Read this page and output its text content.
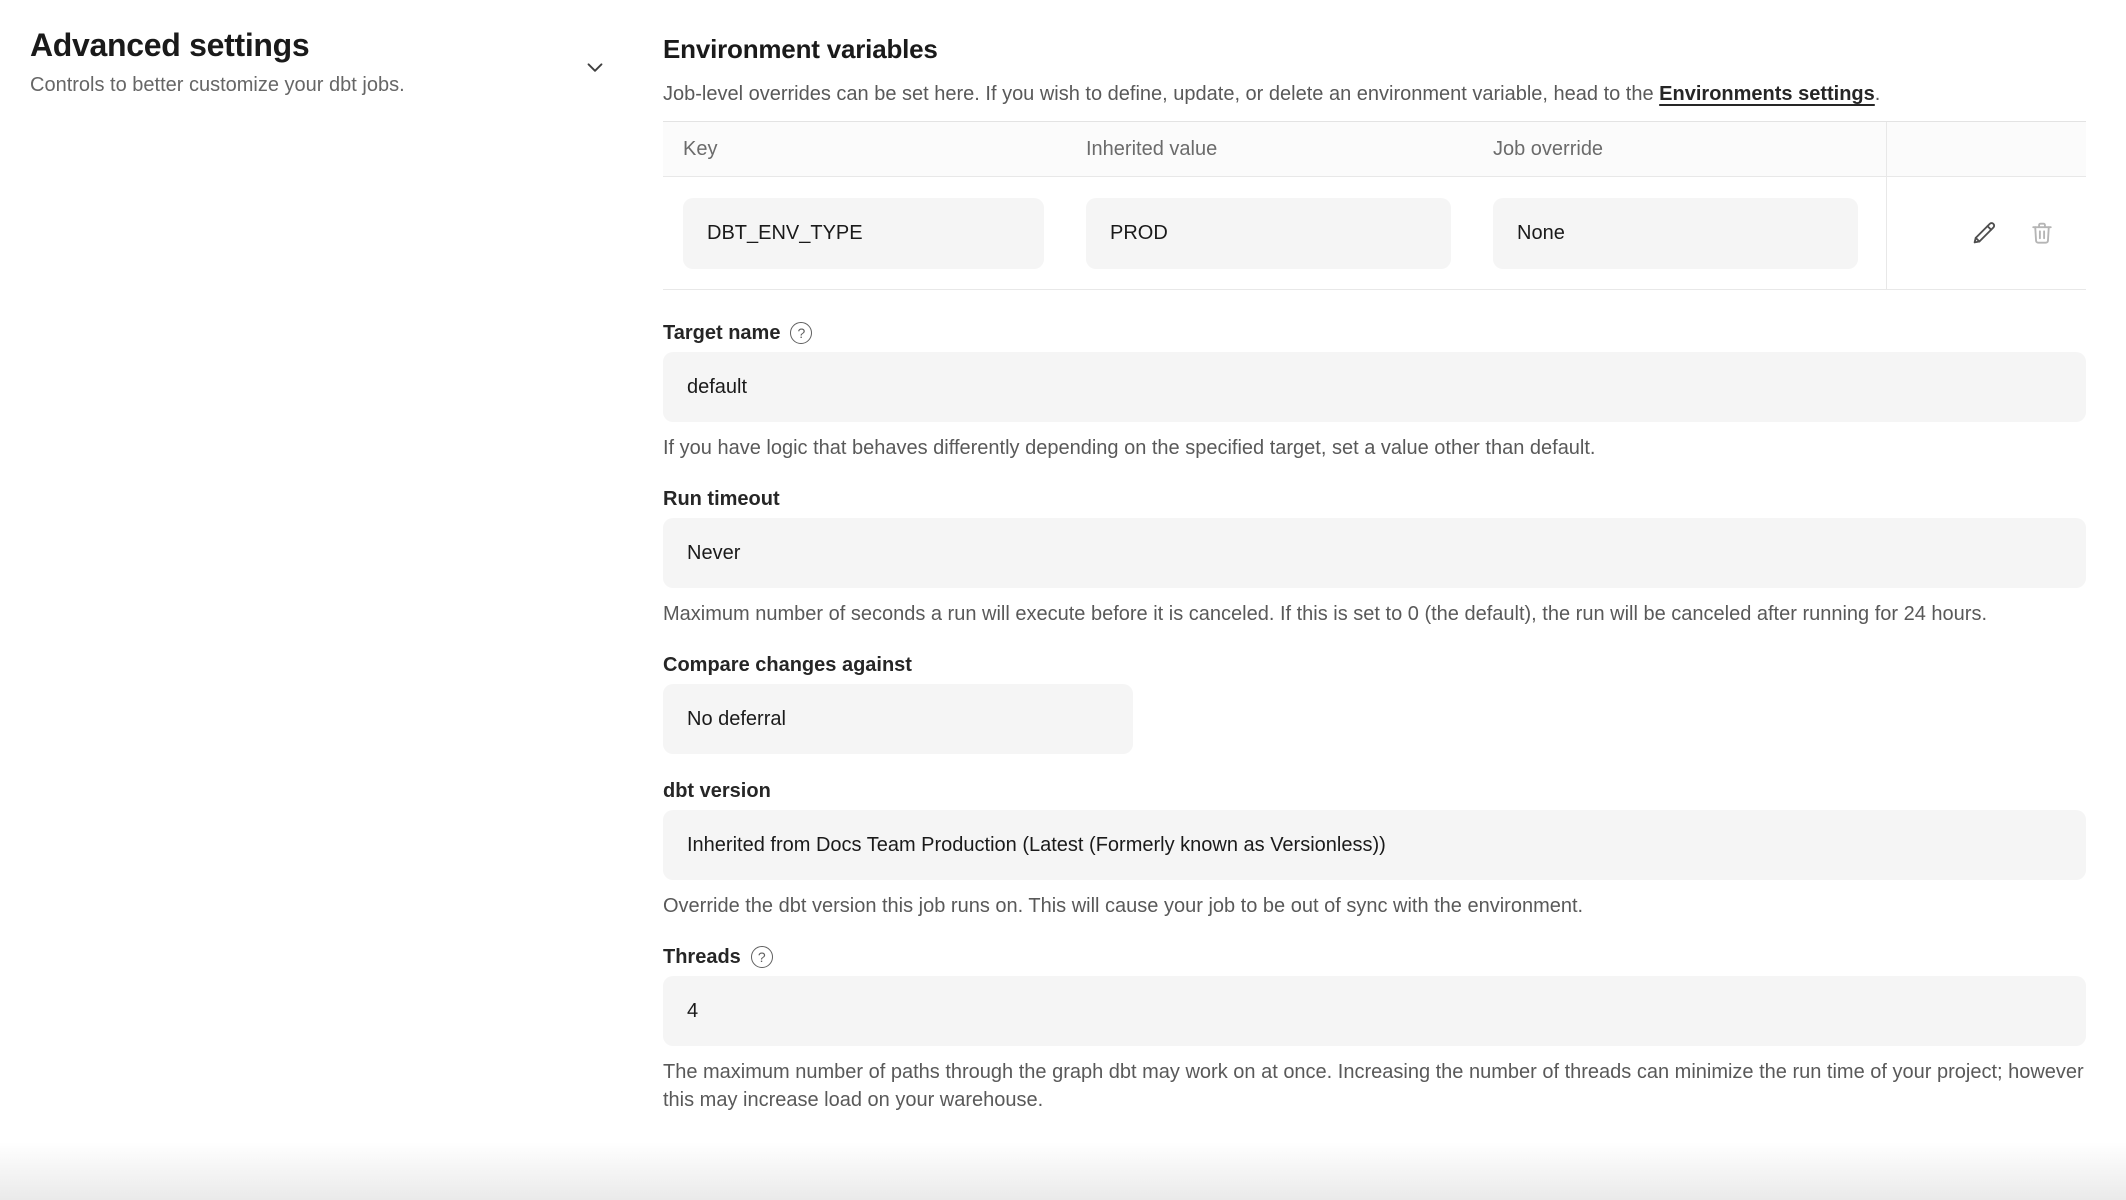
Advanced settings

Controls to better customize your dbt jobs.

Environment variables

Job-level overrides can be set here. If you wish to define, update, or delete an environment variable, head to the Environments settings.

Key	Inherited value	Job override
DBT_ENV_TYPE	PROD	None
Target name	?
default
If you have logic that behaves differently depending on the specified target, set a value other than default.
Run timeout
Never
Maximum number of seconds a run will execute before it is canceled. If this is set to 0 (the default), the run will be canceled after running for 24 hours.
Compare changes against
No deferral
dbt version
Inherited from Docs Team Production (Latest (Formerly known as Versionless))
Override the dbt version this job runs on. This will cause your job to be out of sync with the environment.
Threads	?
4
The maximum number of paths through the graph dbt may work on at once. Increasing the number of threads can minimize the run time of your project; however this may increase load on your warehouse.
